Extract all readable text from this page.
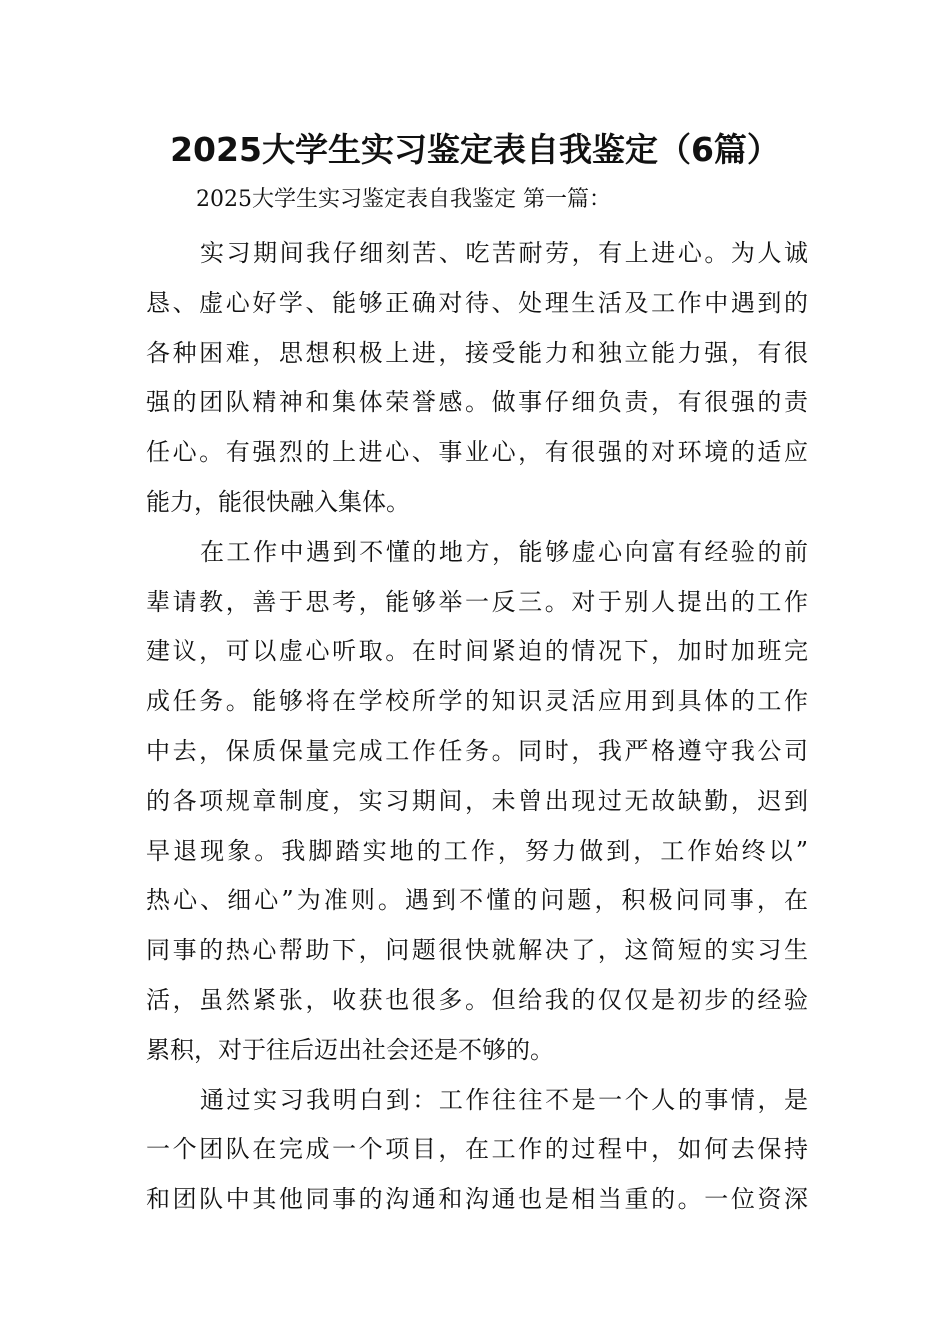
2025大学生实习鉴定表自我鉴定（6篇）

2025大学生实习鉴定表自我鉴定 第一篇：

实习期间我仔细刻苦、吃苦耐劳，有上进心。为人诚
恳、虚心好学、能够正确对待、处理生活及工作中遇到的
各种困难，思想积极上进，接受能力和独立能力强，有很
强的团队精神和集体荣誉感。做事仔细负责，有很强的责
任心。有强烈的上进心、事业心，有很强的对环境的适应
能力，能很快融入集体。
在工作中遇到不懂的地方，能够虚心向富有经验的前
辈请教，善于思考，能够举一反三。对于别人提出的工作
建议，可以虚心听取。在时间紧迫的情况下，加时加班完
成任务。能够将在学校所学的知识灵活应用到具体的工作
中去，保质保量完成工作任务。同时，我严格遵守我公司
的各项规章制度，实习期间，未曾出现过无故缺勤，迟到
早退现象。我脚踏实地的工作，努力做到，工作始终以”
热心、细心”为准则。遇到不懂的问题，积极问同事，在
同事的热心帮助下，问题很快就解决了，这简短的实习生
活，虽然紧张，收获也很多。但给我的仅仅是初步的经验
累积，对于往后迈出社会还是不够的。
通过实习我明白到：工作往往不是一个人的事情，是
一个团队在完成一个项目，在工作的过程中，如何去保持
和团队中其他同事的沟通和沟通也是相当重的。一位资深
